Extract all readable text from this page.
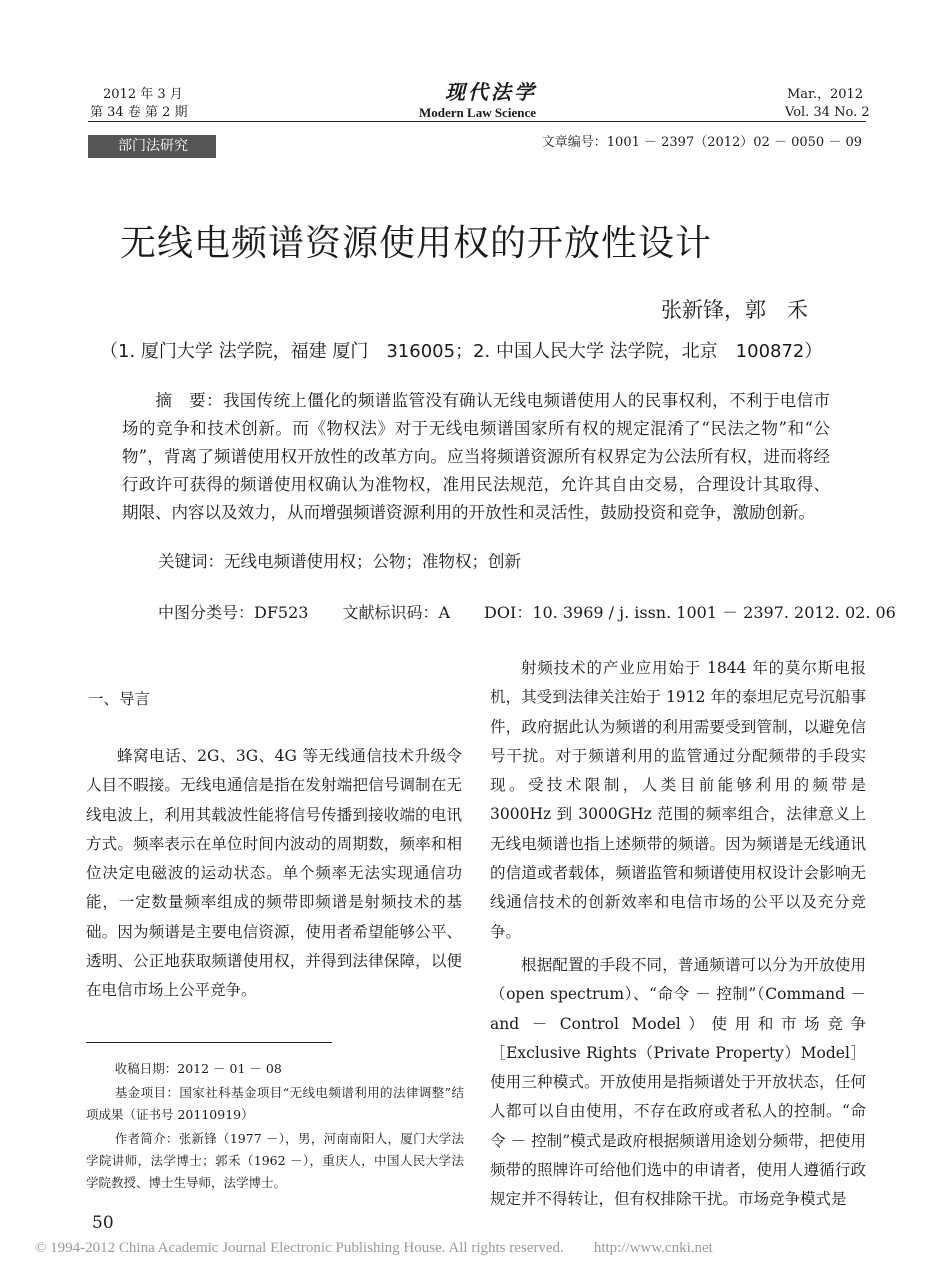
2012 年 3 月
第 34 卷 第 2 期
现代法学
Modern Law Science
Mar.，2012
Vol. 34 No. 2
部门法研究	文章编号：1001 － 2397（2012）02 － 0050 － 09
无线电频谱资源使用权的开放性设计
张新锋，郭　禾
（1. 厦门大学 法学院，福建 厦门　316005；2. 中国人民大学 法学院，北京　100872）
摘　要：我国传统上僵化的频谱监管没有确认无线电频谱使用人的民事权利，不利于电信市场的竞争和技术创新。而《物权法》对于无线电频谱国家所有权的规定混淆了“民法之物”和“公物”，背离了频谱使用权开放性的改革方向。应当将频谱资源所有权界定为公法所有权，进而将经行政许可获得的频谱使用权确认为准物权，准用民法规范，允许其自由交易，合理设计其取得、期限、内容以及效力，从而增强频谱资源利用的开放性和灵活性，鼓励投资和竞争，激励创新。
关键词：无线电频谱使用权；公物；准物权；创新
中图分类号：DF523 文献标识码：A DOI：10. 3969 / j. issn. 1001 － 2397. 2012. 02. 06
一、导言

蜂窝电话、2G、3G、4G 等无线通信技术升级令人目不暇接。无线电通信是指在发射端把信号调制在无线电波上，利用其载波性能将信号传播到接收端的电讯方式。频率表示在单位时间内波动的周期数，频率和相位决定电磁波的运动状态。单个频率无法实现通信功能，一定数量频率组成的频带即频谱是射频技术的基础。因为频谱是主要电信资源，使用者希望能够公平、透明、公正地获取频谱使用权，并得到法律保障，以便在电信市场上公平竞争。

射频技术的产业应用始于 1844 年的莫尔斯电报机，其受到法律关注始于 1912 年的泰坦尼克号沉船事件，政府据此认为频谱的利用需要受到管制，以避免信号干扰。对于频谱利用的监管通过分配频带的手段实现。受技术限制，人类目前能够利用的频带是 3000Hz 到 3000GHz 范围的频率组合，法律意义上无线电频谱也指上述频带的频谱。因为频谱是无线通讯的信道或者载体，频谱监管和频谱使用权设计会影响无线通信技术的创新效率和电信市场的公平以及充分竞争。

根据配置的手段不同，普通频谱可以分为开放使用（open spectrum）、“命令 － 控制”（Command － and － Control Model）使用和市场竞争［Exclusive Rights（Private Property）Model］使用三种模式。开放使用是指频谱处于开放状态，任何人都可以自由使用，不存在政府或者私人的控制。“命令 － 控制”模式是政府根据频谱用途划分频带，把使用频带的照牌许可给他们选中的申请者，使用人遵循行政规定并不得转让，但有权排除干扰。市场竞争模式是

收稿日期：2012 － 01 － 08

基金项目：国家社科基金项目“无线电频谱利用的法律调整”结项成果（证书号 20110919）

作者简介：张新锋（1977 －），男，河南南阳人，厦门大学法学院讲师，法学博士；郭禾（1962 －），重庆人，中国人民大学法学院教授、博士生导师，法学博士。

50
© 1994-2012 China Academic Journal Electronic Publishing House. All rights reserved. http://www.cnki.net
